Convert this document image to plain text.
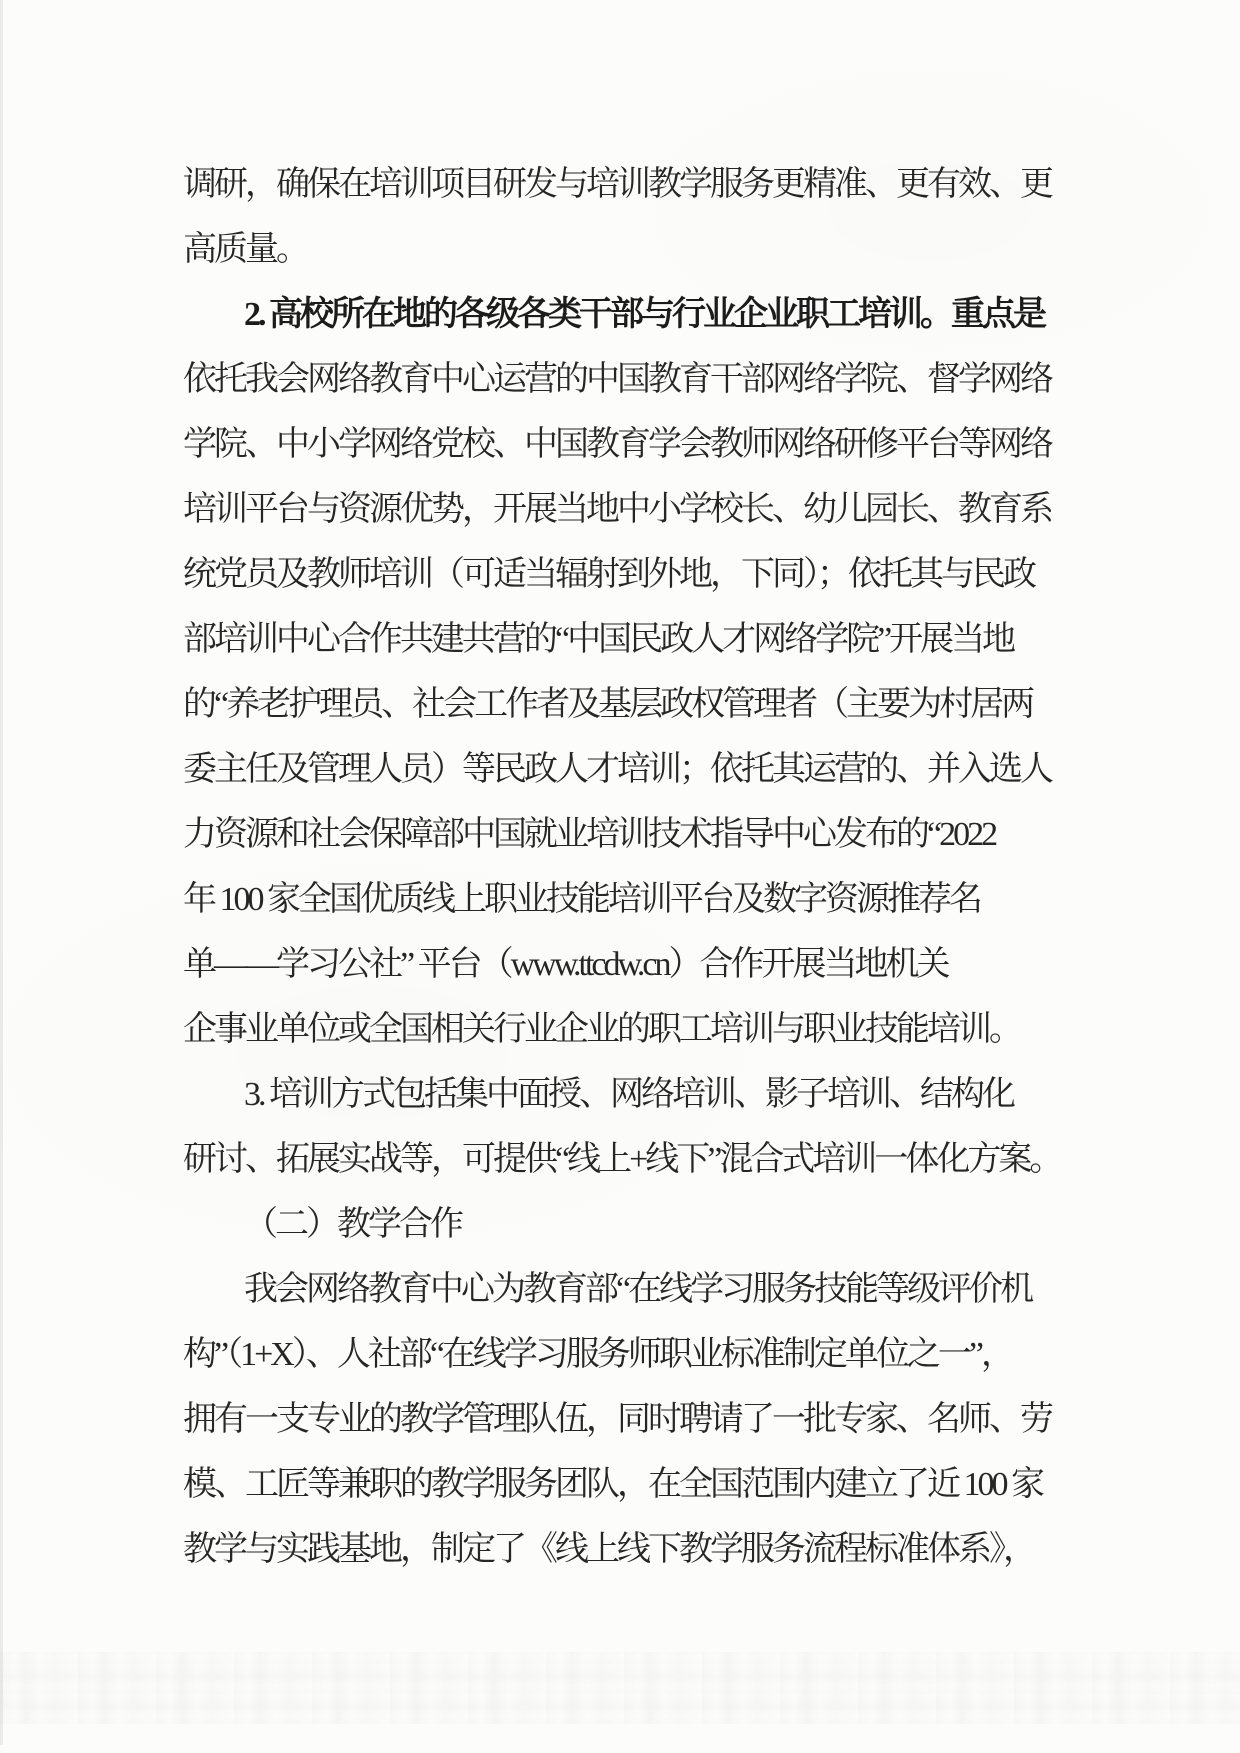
调研，确保在培训项目研发与培训教学服务更精准、更有效、更
高质量。
2. 高校所在地的各级各类干部与行业企业职工培训。重点是
依托我会网络教育中心运营的中国教育干部网络学院、督学网络
学院、中小学网络党校、中国教育学会教师网络研修平台等网络
培训平台与资源优势，开展当地中小学校长、幼儿园长、教育系
统党员及教师培训（可适当辐射到外地，下同）；依托其与民政
部培训中心合作共建共营的“中国民政人才网络学院”开展当地
的“养老护理员、社会工作者及基层政权管理者（主要为村居两
委主任及管理人员）等民政人才培训；依托其运营的、并入选人
力资源和社会保障部中国就业培训技术指导中心发布的“2022
年 100 家全国优质线上职业技能培训平台及数字资源推荐名
单——学习公社” 平台（www.ttcdw.cn）合作开展当地机关
企事业单位或全国相关行业企业的职工培训与职业技能培训。
3. 培训方式包括集中面授、网络培训、影子培训、结构化
研讨、拓展实战等，可提供“线上+线下”混合式培训一体化方案。
（二）教学合作
我会网络教育中心为教育部“在线学习服务技能等级评价机
构”（1+X）、人社部“在线学习服务师职业标准制定单位之一”，
拥有一支专业的教学管理队伍，同时聘请了一批专家、名师、劳
模、工匠等兼职的教学服务团队，在全国范围内建立了近 100 家
教学与实践基地，制定了《线上线下教学服务流程标准体系》，
